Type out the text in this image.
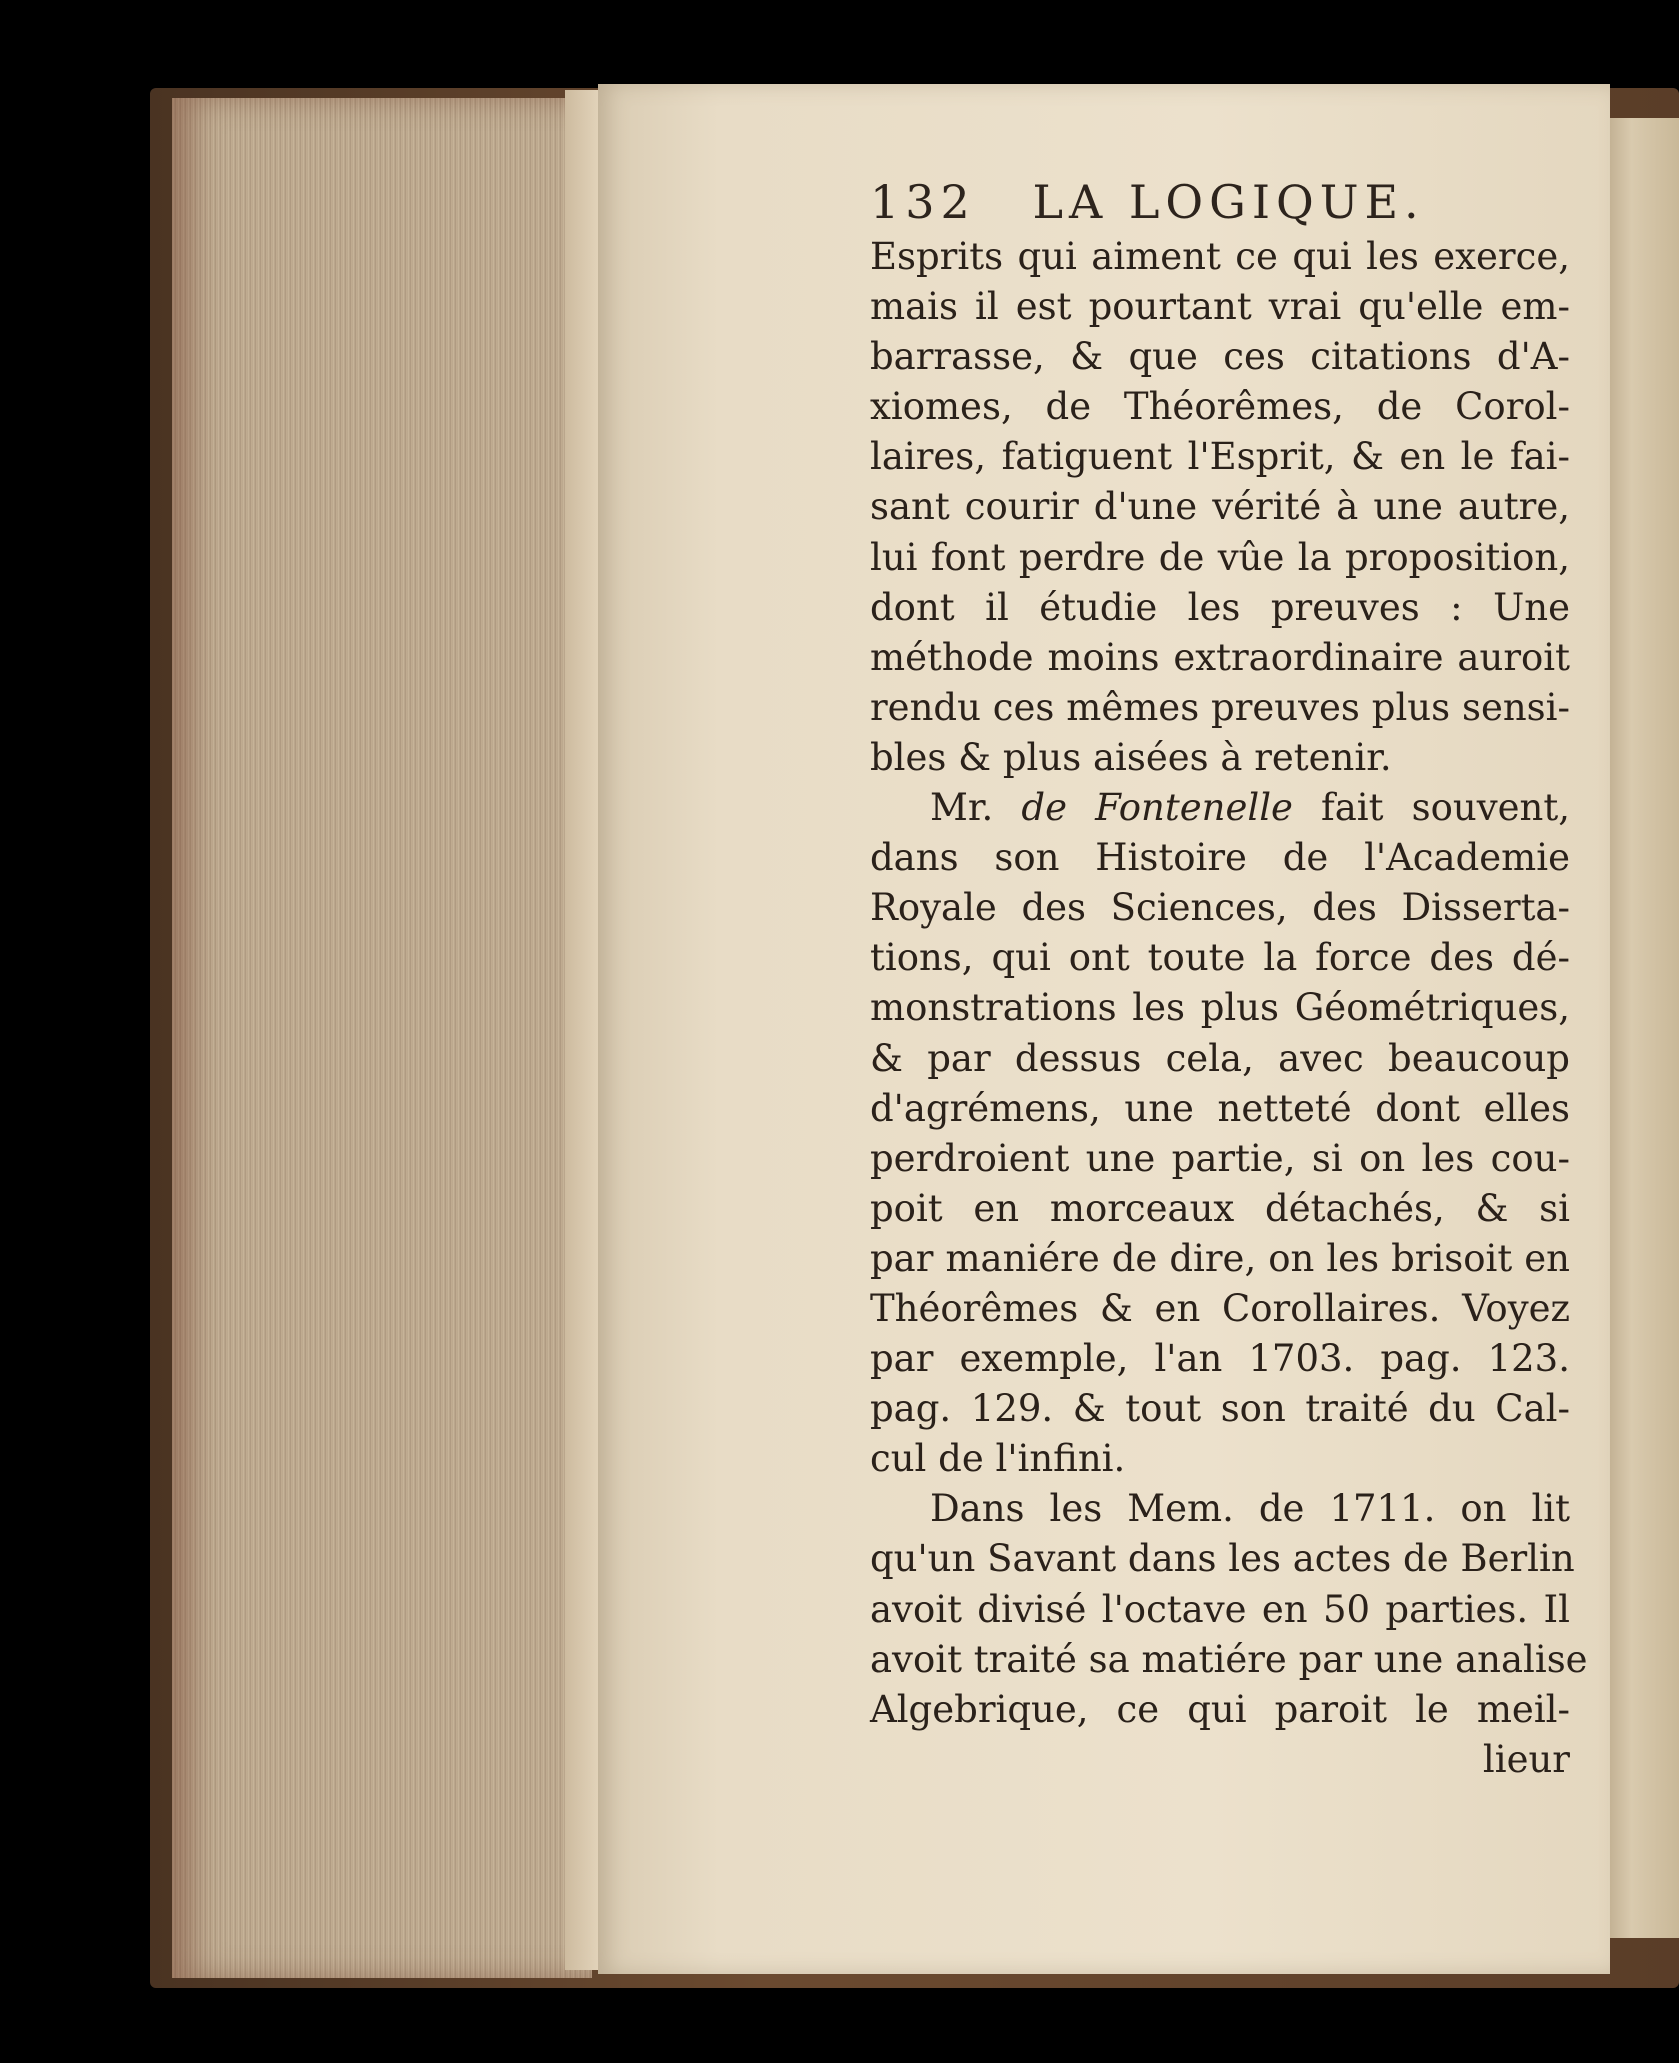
132 LA LOGIQUE.
Esprits qui aiment ce qui les exerce,
mais il est pourtant vrai qu'elle em-
barrasse, & que ces citations d'A-
xiomes, de Théorêmes, de Corol-
laires, fatiguent l'Esprit, & en le fai-
sant courir d'une vérité à une autre,
lui font perdre de vûe la proposition,
dont il étudie les preuves : Une
méthode moins extraordinaire auroit
rendu ces mêmes preuves plus sensi-
bles & plus aisées à retenir.
Mr. de Fontenelle fait souvent,
dans son Histoire de l'Academie
Royale des Sciences, des Disserta-
tions, qui ont toute la force des dé-
monstrations les plus Géométriques,
& par dessus cela, avec beaucoup
d'agrémens, une netteté dont elles
perdroient une partie, si on les cou-
poit en morceaux détachés, & si
par maniére de dire, on les brisoit en
Théorêmes & en Corollaires. Voyez
par exemple, l'an 1703. pag. 123.
pag. 129. & tout son traité du Cal-
cul de l'infini.
Dans les Mem. de 1711. on lit
qu'un Savant dans les actes de Berlin
avoit divisé l'octave en 50 parties. Il
avoit traité sa matiére par une analise
Algebrique, ce qui paroit le meil-
lieur
